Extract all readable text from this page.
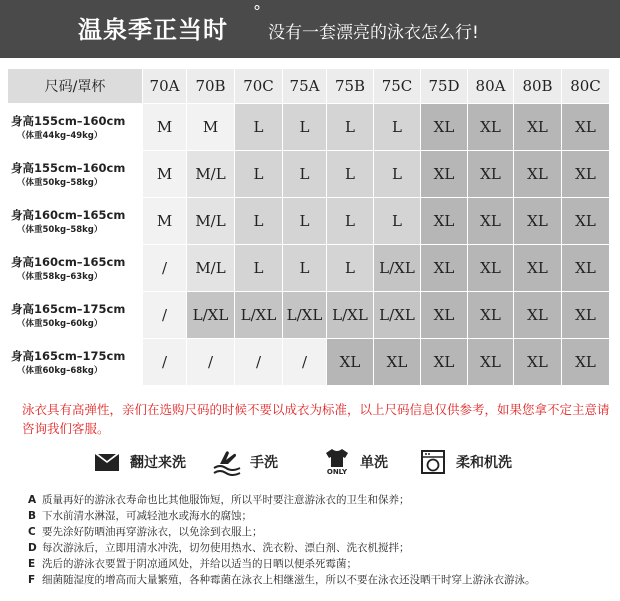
温泉季正当时
°
没有一套漂亮的泳衣怎么行!
尺码/罩杯	70A	70B	70C	75A	75B	75C	75D	80A	80B	80C

身高155cm–160cm
（体重44kg–49kg）	M	M	L	L	L	L	XL	XL	XL	XL

身高155cm–160cm
（体重50kg–58kg）	M	M/L	L	L	L	L	XL	XL	XL	XL

身高160cm–165cm
（体重50kg–58kg）	M	M/L	L	L	L	L	XL	XL	XL	XL

身高160cm–165cm
（体重58kg–63kg）	/	M/L	L	L	L	L/XL	XL	XL	XL	XL

身高165cm–175cm
（体重50kg–60kg）	/	L/XL	L/XL	L/XL	L/XL	L/XL	XL	XL	XL	XL

身高165cm–175cm
（体重60kg–68kg）	/	/	/	/	XL	XL	XL	XL	XL	XL
泳衣具有高弹性，亲们在选购尺码的时候不要以成衣为标准，以上尺码信息仅供参考，如果您拿不定主意请咨询我们客服。
翻过来洗	手洗
ONLY
单洗	柔和机洗
A 质量再好的游泳衣寿命也比其他服饰短，所以平时要注意游泳衣的卫生和保养；
B 下水前清水淋湿，可减轻池水或海水的腐蚀；
C 要先涂好防晒油再穿游泳衣，以免涂到衣服上；
D 每次游泳后，立即用清水冲洗，切勿使用热水、洗衣粉、漂白剂、洗衣机搅拌；
E 洗后的游泳衣要置于阴凉通风处，并给以适当的日晒以便杀死霉菌；
F 细菌随湿度的增高而大量繁殖，各种霉菌在泳衣上相继滋生，所以不要在泳衣还没晒干时穿上游泳衣游泳。
